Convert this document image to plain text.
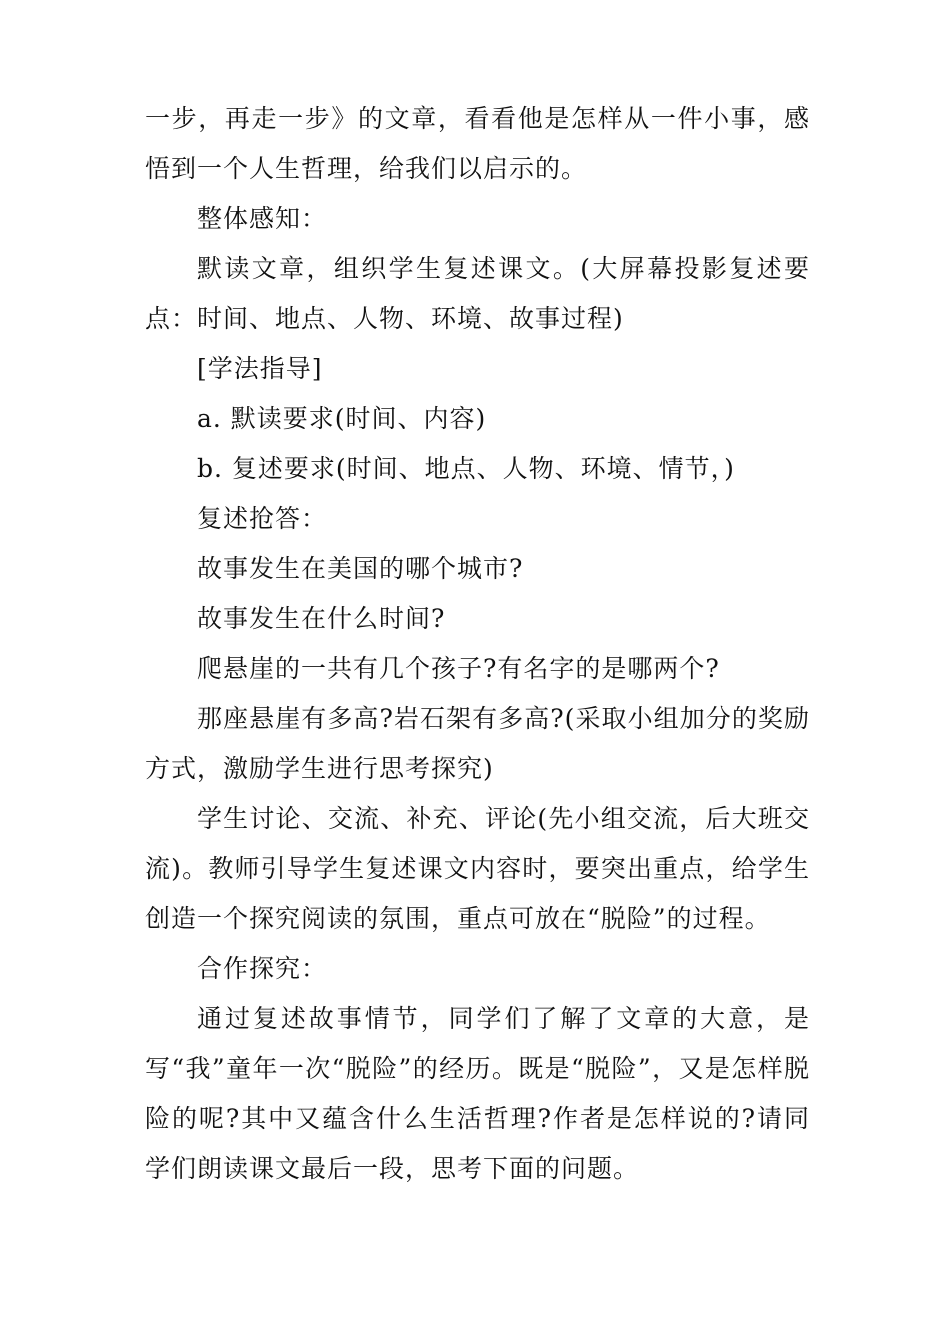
一步，再走一步》的文章，看看他是怎样从一件小事，感悟到一个人生哲理，给我们以启示的。

整体感知：

默读文章，组织学生复述课文。(大屏幕投影复述要点：时间、地点、人物、环境、故事过程)

[学法指导]

a. 默读要求(时间、内容)

b. 复述要求(时间、地点、人物、环境、情节，)

复述抢答：

故事发生在美国的哪个城市?

故事发生在什么时间?

爬悬崖的一共有几个孩子?有名字的是哪两个?

那座悬崖有多高?岩石架有多高?(采取小组加分的奖励方式，激励学生进行思考探究)

学生讨论、交流、补充、评论(先小组交流，后大班交流)。教师引导学生复述课文内容时，要突出重点，给学生创造一个探究阅读的氛围，重点可放在“脱险”的过程。

合作探究：

通过复述故事情节，同学们了解了文章的大意，是写“我”童年一次“脱险”的经历。既是“脱险”，又是怎样脱险的呢?其中又蕴含什么生活哲理?作者是怎样说的?请同学们朗读课文最后一段，思考下面的问题。
